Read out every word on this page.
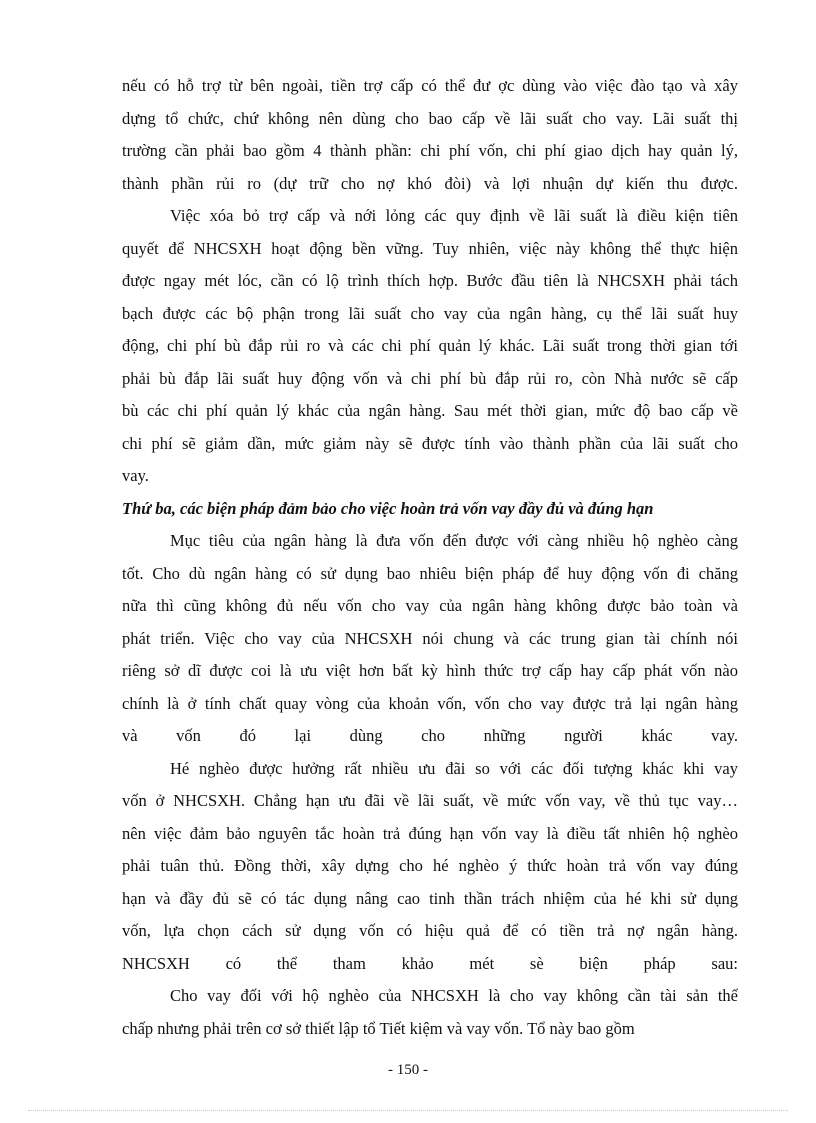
nếu có hỗ trợ từ bên ngoài, tiền trợ cấp có thể đư ợc dùng vào việc đào tạo và xây
dựng tổ chức, chứ không nên dùng cho bao cấp về lãi suất cho vay. Lãi suất thị
trường cần phải bao gồm 4 thành phần: chi phí vốn, chi phí giao dịch hay quản lý,
thành phần rủi ro (dự trữ cho nợ khó đòi) và lợi nhuận dự kiến thu được.
Việc xóa bỏ trợ cấp và nới lỏng các quy định về lãi suất là điều kiện tiên
quyết để NHCSXH hoạt động bền vững. Tuy nhiên, việc này không thể thực hiện
được ngay mét lóc, cần có lộ trình thích hợp. Bước đầu tiên là NHCSXH phải tách
bạch được các bộ phận trong lãi suất cho vay của ngân hàng, cụ thể lãi suất huy
động, chi phí bù đắp rủi ro và các chi phí quản lý khác. Lãi suất trong thời gian tới
phải bù đắp lãi suất huy động vốn và chi phí bù đắp rủi ro, còn Nhà nước sẽ cấp
bù các chi phí quản lý khác của ngân hàng. Sau mét thời gian, mức độ bao cấp về
chi phí sẽ giảm dần, mức giảm này sẽ được tính vào thành phần của lãi suất cho
vay.
Thứ ba, các biện pháp đảm bảo cho việc hoàn trả vốn vay đầy đủ và đúng hạn
Mục tiêu của ngân hàng là đưa vốn đến được với càng nhiều hộ nghèo càng
tốt. Cho dù ngân hàng có sử dụng bao nhiêu biện pháp để huy động vốn đi chăng
nữa thì cũng không đủ nếu vốn cho vay của ngân hàng không được bảo toàn và
phát triển. Việc cho vay của NHCSXH nói chung và các trung gian tài chính nói
riêng sở dĩ được coi là ưu việt hơn bất kỳ hình thức trợ cấp hay cấp phát vốn nào
chính là ở tính chất quay vòng của khoản vốn, vốn cho vay được trả lại ngân hàng
và vốn đó lại dùng cho những người khác vay.
Hé nghèo được hưởng rất nhiều ưu đãi so với các đối tượng khác khi vay
vốn ở NHCSXH. Chẳng hạn ưu đãi về lãi suất, về mức vốn vay, về thủ tục vay…
nên việc đảm bảo nguyên tắc hoàn trả đúng hạn vốn vay là điều tất nhiên hộ nghèo
phải tuân thủ. Đồng thời, xây dựng cho hé nghèo ý thức hoàn trả vốn vay đúng
hạn và đầy đủ sẽ có tác dụng nâng cao tinh thần trách nhiệm của hé khi sử dụng
vốn, lựa chọn cách sử dụng vốn có hiệu quả để có tiền trả nợ ngân hàng.
NHCSXH có thể tham khảo mét sè biện pháp sau:
Cho vay đối với hộ nghèo của NHCSXH là cho vay không cần tài sản thế
chấp nhưng phải trên cơ sở thiết lập tổ Tiết kiệm và vay vốn. Tổ này bao gồm
- 150 -
